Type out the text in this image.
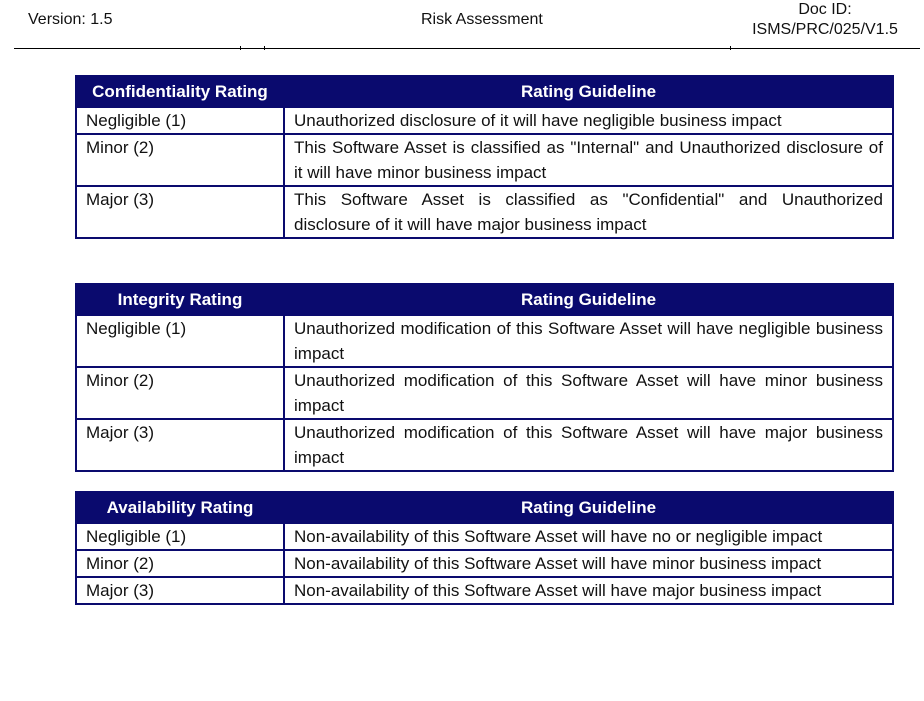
Version: 1.5	Risk Assessment
Doc ID:
ISMS/PRC/025/V1.5
Confidentiality Rating	Rating Guideline
Negligible (1)	Unauthorized disclosure of it will have negligible business impact
Minor (2)	This Software Asset is classified as "Internal" and Unauthorized disclosure of it will have minor business impact
Major (3)	This Software Asset is classified as "Confidential" and Unauthorized disclosure of it will have major business impact
Integrity Rating	Rating Guideline
Negligible (1)	Unauthorized modification of this Software Asset will have negligible business impact
Minor (2)	Unauthorized modification of this Software Asset will have minor business impact
Major (3)	Unauthorized modification of this Software Asset will have major business impact
Availability Rating	Rating Guideline
Negligible (1)	Non-availability of this Software Asset will have no or negligible impact
Minor (2)	Non-availability of this Software Asset will have minor business impact
Major (3)	Non-availability of this Software Asset will have major business impact
